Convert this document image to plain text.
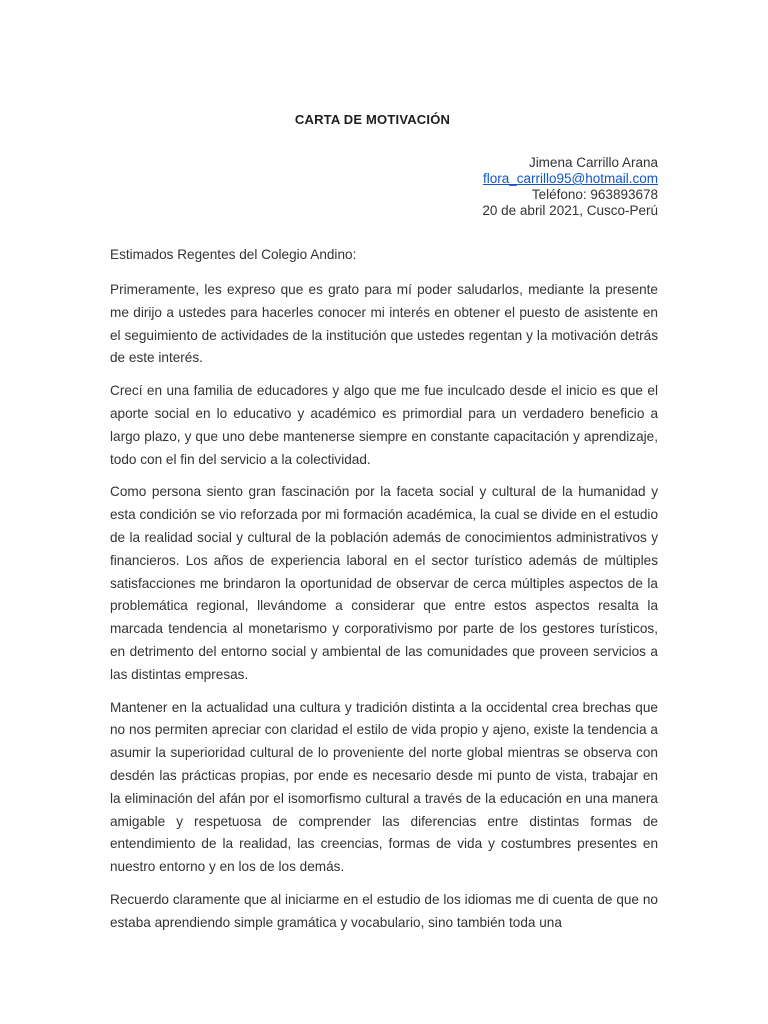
CARTA DE MOTIVACIÓN
Jimena Carrillo Arana
flora_carrillo95@hotmail.com
Teléfono: 963893678
20 de abril 2021, Cusco-Perú

Estimados Regentes del Colegio Andino:

Primeramente, les expreso que es grato para mí poder saludarlos, mediante la presente me dirijo a ustedes para hacerles conocer mi interés en obtener el puesto de asistente en el seguimiento de actividades de la institución que ustedes regentan y la motivación detrás de este interés.

Crecí en una familia de educadores y algo que me fue inculcado desde el inicio es que el aporte social en lo educativo y académico es primordial para un verdadero beneficio a largo plazo, y que uno debe mantenerse siempre en constante capacitación y aprendizaje, todo con el fin del servicio a la colectividad.

Como persona siento gran fascinación por la faceta social y cultural de la humanidad y esta condición se vio reforzada por mi formación académica, la cual se divide en el estudio de la realidad social y cultural de la población además de conocimientos administrativos y financieros. Los años de experiencia laboral en el sector turístico además de múltiples satisfacciones me brindaron la oportunidad de observar de cerca múltiples aspectos de la problemática regional, llevándome a considerar que entre estos aspectos resalta la marcada tendencia al monetarismo y corporativismo por parte de los gestores turísticos, en detrimento del entorno social y ambiental de las comunidades que proveen servicios a las distintas empresas.

Mantener en la actualidad una cultura y tradición distinta a la occidental crea brechas que no nos permiten apreciar con claridad el estilo de vida propio y ajeno, existe la tendencia a asumir la superioridad cultural de lo proveniente del norte global mientras se observa con desdén las prácticas propias, por ende es necesario desde mi punto de vista, trabajar en la eliminación del afán por el isomorfismo cultural a través de la educación en una manera amigable y respetuosa de comprender las diferencias entre distintas formas de entendimiento de la realidad, las creencias, formas de vida y costumbres presentes en nuestro entorno y en los de los demás.

Recuerdo claramente que al iniciarme en el estudio de los idiomas me di cuenta de que no estaba aprendiendo simple gramática y vocabulario, sino también toda una
